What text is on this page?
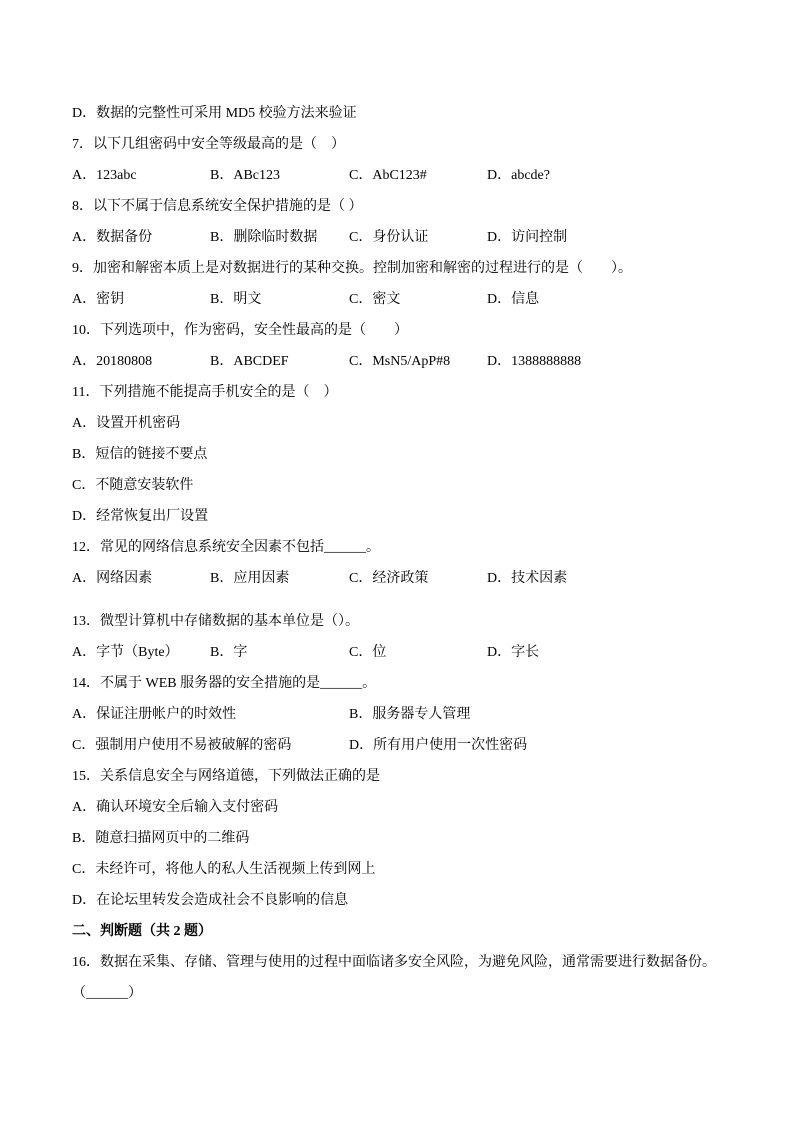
D．数据的完整性可采用 MD5 校验方法来验证
7．以下几组密码中安全等级最高的是（　）
A．123abc	B．ABc123	C．AbC123#	D．abcde?
8．以下不属于信息系统安全保护措施的是（ ）
A．数据备份	B．删除临时数据	C．身份认证	D．访问控制
9．加密和解密本质上是对数据进行的某种交换。控制加密和解密的过程进行的是（　　）。
A．密钥	B．明文	C．密文	D．信息
10．下列选项中，作为密码，安全性最高的是（　　）
A．20180808	B．ABCDEF	C．MsN5/ApP#8	D．1388888888
11．下列措施不能提高手机安全的是（　）
A．设置开机密码
B．短信的链接不要点
C．不随意安装软件
D．经常恢复出厂设置
12．常见的网络信息系统安全因素不包括______。
A．网络因素	B．应用因素	C．经济政策	D．技术因素
13．微型计算机中存储数据的基本单位是（）。
A．字节（Byte）	B．字	C．位	D．字长
14．不属于 WEB 服务器的安全措施的是______。
A．保证注册帐户的时效性	B．服务器专人管理
C．强制用户使用不易被破解的密码	D．所有用户使用一次性密码
15．关系信息安全与网络道德，下列做法正确的是
A．确认环境安全后输入支付密码
B．随意扫描网页中的二维码
C．未经许可，将他人的私人生活视频上传到网上
D．在论坛里转发会造成社会不良影响的信息
二、判断题（共 2 题）
16．数据在采集、存储、管理与使用的过程中面临诸多安全风险，为避免风险，通常需要进行数据备份。
（______）
